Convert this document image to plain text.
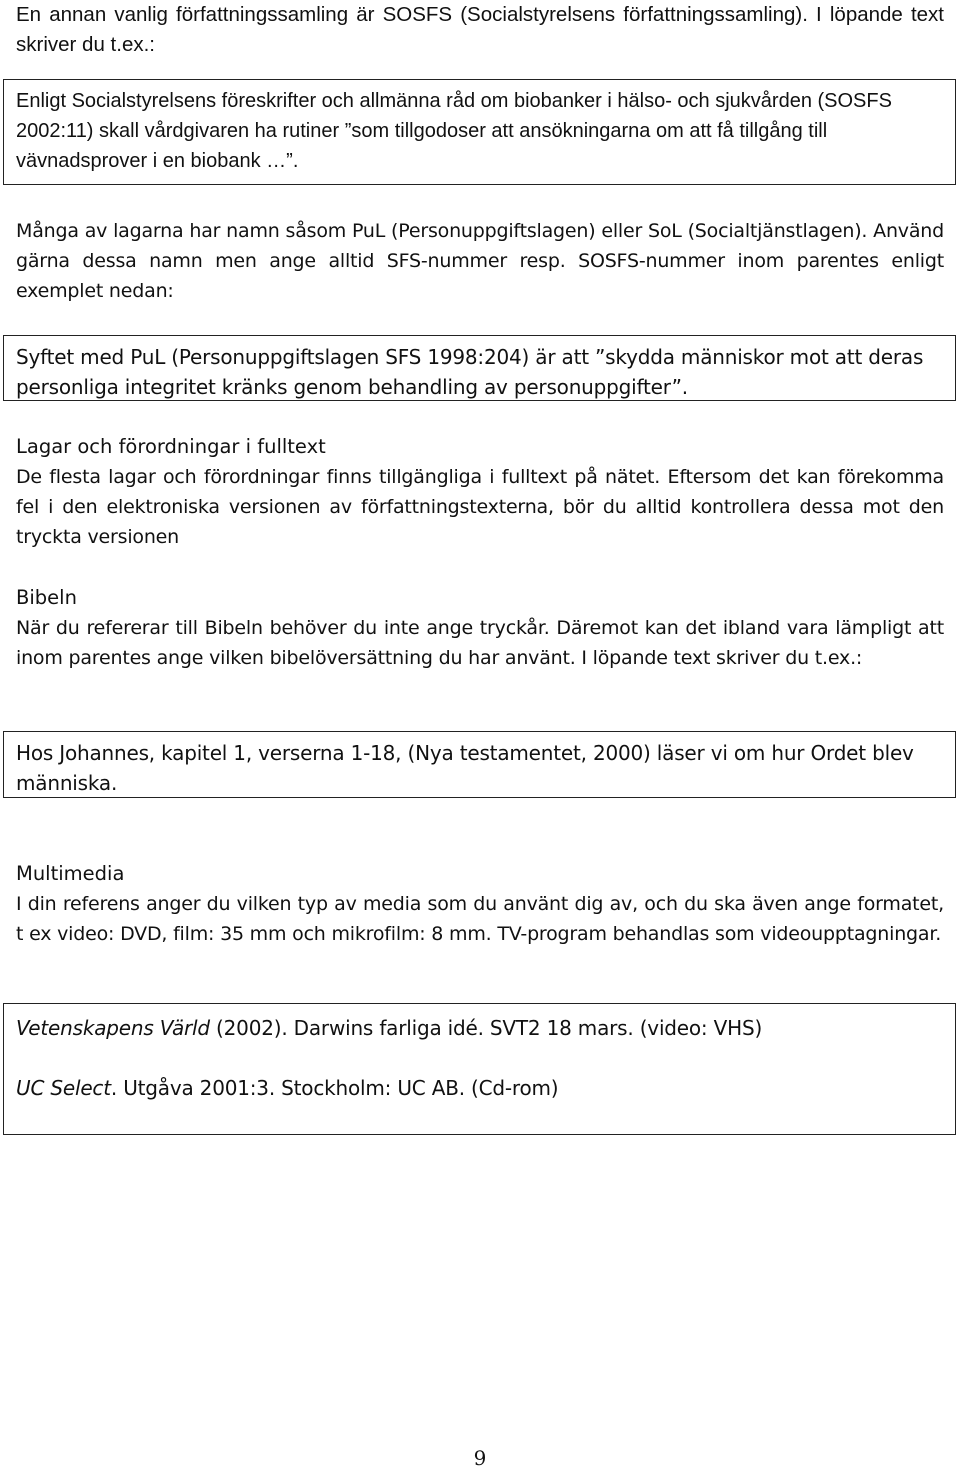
En annan vanlig författningssamling är SOSFS (Socialstyrelsens författningssamling). I löpande text skriver du t.ex.:

Enligt Socialstyrelsens föreskrifter och allmänna råd om biobanker i hälso- och sjukvården (SOSFS 2002:11) skall vårdgivaren ha rutiner ”som tillgodoser att ansökningarna om att få tillgång till vävnadsprover i en biobank …”.

Många av lagarna har namn såsom PuL (Personuppgiftslagen) eller SoL (Socialtjänstlagen). Använd gärna dessa namn men ange alltid SFS-nummer resp. SOSFS-nummer inom parentes enligt exemplet nedan:

Syftet med PuL (Personuppgiftslagen SFS 1998:204) är att ”skydda människor mot att deras personliga integritet kränks genom behandling av personuppgifter”.

Lagar och förordningar i fulltext

De flesta lagar och förordningar finns tillgängliga i fulltext på nätet. Eftersom det kan förekomma fel i den elektroniska versionen av författningstexterna, bör du alltid kontrollera dessa mot den tryckta versionen

Bibeln

När du refererar till Bibeln behöver du inte ange tryckår. Däremot kan det ibland vara lämpligt att inom parentes ange vilken bibelöversättning du har använt. I löpande text skriver du t.ex.:

Hos Johannes, kapitel 1, verserna 1-18, (Nya testamentet, 2000) läser vi om hur Ordet blev människa.

Multimedia

I din referens anger du vilken typ av media som du använt dig av, och du ska även ange formatet, t ex video: DVD, film: 35 mm och mikrofilm: 8 mm. TV-program behandlas som videoupptagningar.

Vetenskapens Värld (2002). Darwins farliga idé. SVT2 18 mars. (video: VHS)

UC Select. Utgåva 2001:3. Stockholm: UC AB. (Cd-rom)

9
